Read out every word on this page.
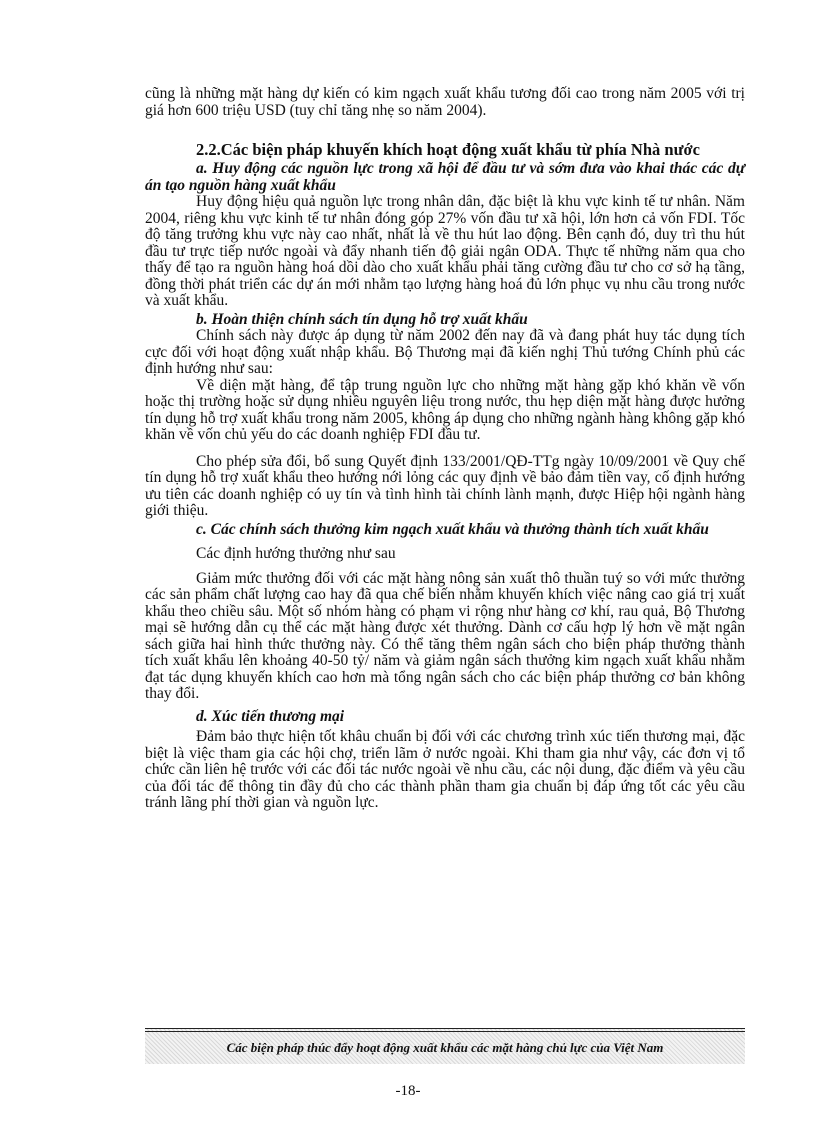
cũng là những mặt hàng dự kiến có kim ngạch xuất khẩu tương đối cao trong năm 2005 với trị giá hơn 600 triệu USD (tuy chỉ tăng nhẹ so năm 2004).

2.2.Các biện pháp khuyến khích hoạt động xuất khẩu từ phía Nhà nước

a. Huy động các nguồn lực trong xã hội để đầu tư và sớm đưa vào khai thác các dự án tạo nguồn hàng xuất khẩu

Huy động hiệu quả nguồn lực trong nhân dân, đặc biệt là khu vực kinh tế tư nhân. Năm 2004, riêng khu vực kinh tế tư nhân đóng góp 27% vốn đầu tư xã hội, lớn hơn cả vốn FDI. Tốc độ tăng trưởng khu vực này cao nhất, nhất là về thu hút lao động. Bên cạnh đó, duy trì thu hút đầu tư trực tiếp nước ngoài và đẩy nhanh tiến độ giải ngân ODA. Thực tế những năm qua cho thấy để tạo ra nguồn hàng hoá dồi dào cho xuất khẩu phải tăng cường đầu tư cho cơ sở hạ tầng, đồng thời phát triển các dự án mới nhằm tạo lượng hàng hoá đủ lớn phục vụ nhu cầu trong nước và xuất khẩu.

b. Hoàn thiện chính sách tín dụng hỗ trợ xuất khẩu

Chính sách này được áp dụng từ năm 2002 đến nay đã và đang phát huy tác dụng tích cực đối với hoạt động xuất nhập khẩu. Bộ Thương mại đã kiến nghị Thủ tướng Chính phủ các định hướng như sau:

Về diện mặt hàng, để tập trung nguồn lực cho những mặt hàng gặp khó khăn về vốn hoặc thị trường hoặc sử dụng nhiều nguyên liệu trong nước, thu hẹp diện mặt hàng được hưởng tín dụng hỗ trợ xuất khẩu trong năm 2005, không áp dụng cho những ngành hàng không gặp khó khăn về vốn chủ yếu do các doanh nghiệp FDI đầu tư.

Cho phép sửa đổi, bổ sung Quyết định 133/2001/QĐ-TTg ngày 10/09/2001 về Quy chế tín dụng hỗ trợ xuất khẩu theo hướng nới lỏng các quy định về bảo đảm tiền vay, cố định hướng ưu tiên các doanh nghiệp có uy tín và tình hình tài chính lành mạnh, được Hiệp hội ngành hàng giới thiệu.

c. Các chính sách thưởng kim ngạch xuất khẩu và thưởng thành tích xuất khẩu

Các định hướng thưởng như sau

Giảm mức thưởng đối với các mặt hàng nông sản xuất thô thuần tuý so với mức thưởng các sản phẩm chất lượng cao hay đã qua chế biến nhằm khuyến khích việc nâng cao giá trị xuất khẩu theo chiều sâu. Một số nhóm hàng có phạm vi rộng như hàng cơ khí, rau quả, Bộ Thương mại sẽ hướng dẫn cụ thể các mặt hàng được xét thưởng. Dành cơ cấu hợp lý hơn về mặt ngân sách giữa hai hình thức thưởng này. Có thể tăng thêm ngân sách cho biện pháp thưởng thành tích xuất khẩu lên khoảng 40-50 tỷ/ năm và giảm ngân sách thưởng kim ngạch xuất khẩu nhằm đạt tác dụng khuyến khích cao hơn mà tổng ngân sách cho các biện pháp thưởng cơ bản không thay đổi.

d. Xúc tiến thương mại

Đảm bảo thực hiện tốt khâu chuẩn bị đối với các chương trình xúc tiến thương mại, đặc biệt là việc tham gia các hội chợ, triển lãm ở nước ngoài. Khi tham gia như vậy, các đơn vị tổ chức cần liên hệ trước với các đối tác nước ngoài về nhu cầu, các nội dung, đặc điểm và yêu cầu của đối tác để thông tin đầy đủ cho các thành phần tham gia chuẩn bị đáp ứng tốt các yêu cầu tránh lãng phí thời gian và nguồn lực.

Các biện pháp thúc đẩy hoạt động xuất khẩu các mặt hàng chủ lực của Việt Nam
-18-
